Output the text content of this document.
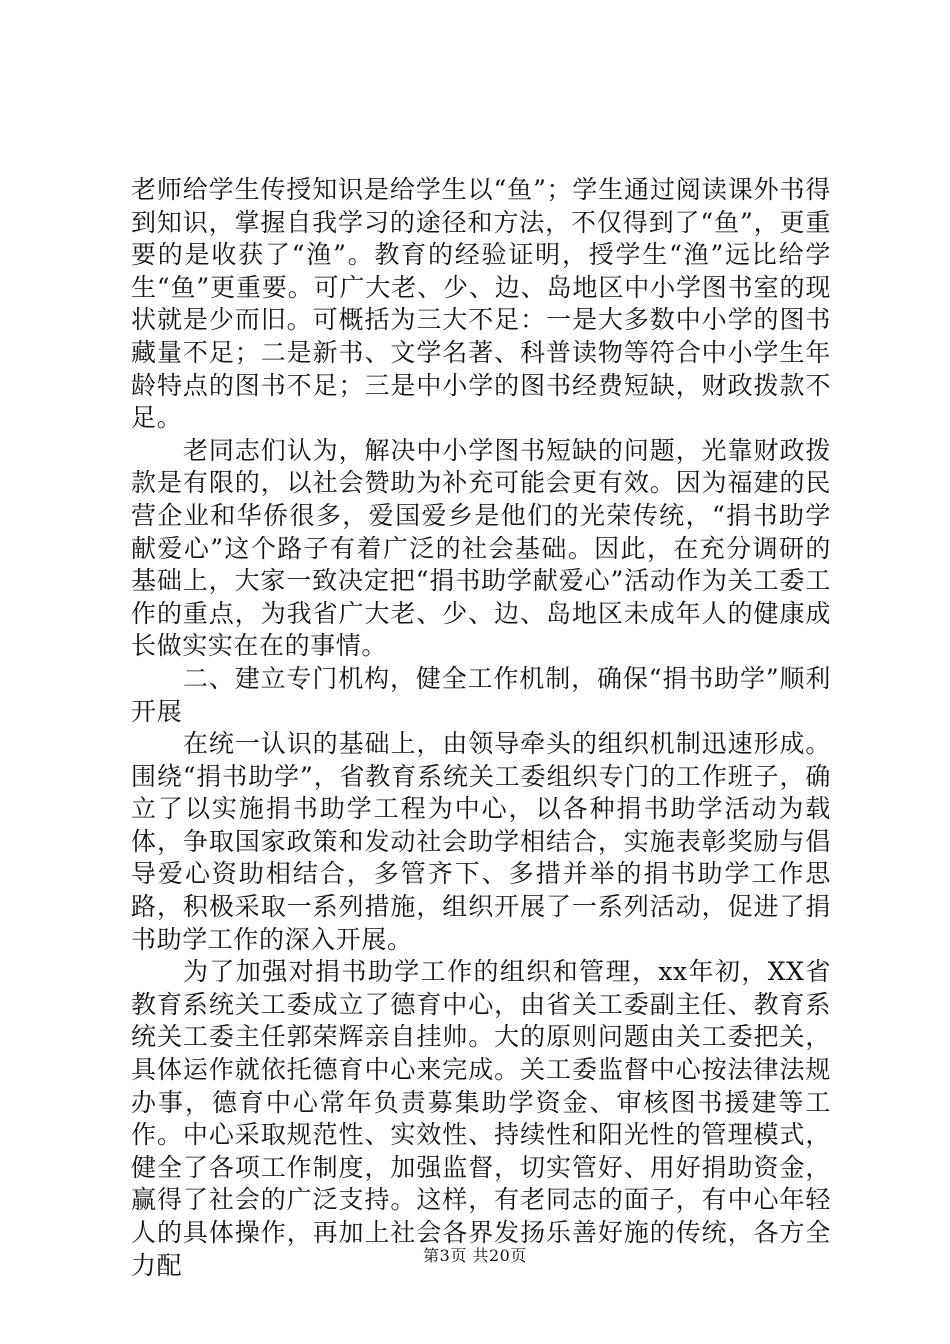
老师给学生传授知识是给学生以“鱼”；学生通过阅读课外书得到知识，掌握自我学习的途径和方法，不仅得到了“鱼”，更重要的是收获了“渔”。教育的经验证明，授学生“渔”远比给学生“鱼”更重要。可广大老、少、边、岛地区中小学图书室的现状就是少而旧。可概括为三大不足：一是大多数中小学的图书藏量不足；二是新书、文学名著、科普读物等符合中小学生年龄特点的图书不足；三是中小学的图书经费短缺，财政拨款不足。

老同志们认为，解决中小学图书短缺的问题，光靠财政拨款是有限的，以社会赞助为补充可能会更有效。因为福建的民营企业和华侨很多，爱国爱乡是他们的光荣传统，“捐书助学献爱心”这个路子有着广泛的社会基础。因此，在充分调研的基础上，大家一致决定把“捐书助学献爱心”活动作为关工委工作的重点，为我省广大老、少、边、岛地区未成年人的健康成长做实实在在的事情。

二、建立专门机构，健全工作机制，确保“捐书助学”顺利开展

在统一认识的基础上，由领导牵头的组织机制迅速形成。围绕“捐书助学”，省教育系统关工委组织专门的工作班子，确立了以实施捐书助学工程为中心，以各种捐书助学活动为载体，争取国家政策和发动社会助学相结合，实施表彰奖励与倡导爱心资助相结合，多管齐下、多措并举的捐书助学工作思路，积极采取一系列措施，组织开展了一系列活动，促进了捐书助学工作的深入开展。

为了加强对捐书助学工作的组织和管理，xx年初，XX省教育系统关工委成立了德育中心，由省关工委副主任、教育系统关工委主任郭荣辉亲自挂帅。大的原则问题由关工委把关，具体运作就依托德育中心来完成。关工委监督中心按法律法规办事，德育中心常年负责募集助学资金、审核图书援建等工作。中心采取规范性、实效性、持续性和阳光性的管理模式，健全了各项工作制度，加强监督，切实管好、用好捐助资金，赢得了社会的广泛支持。这样，有老同志的面子，有中心年轻人的具体操作，再加上社会各界发扬乐善好施的传统，各方全力配	第3页 共20页
